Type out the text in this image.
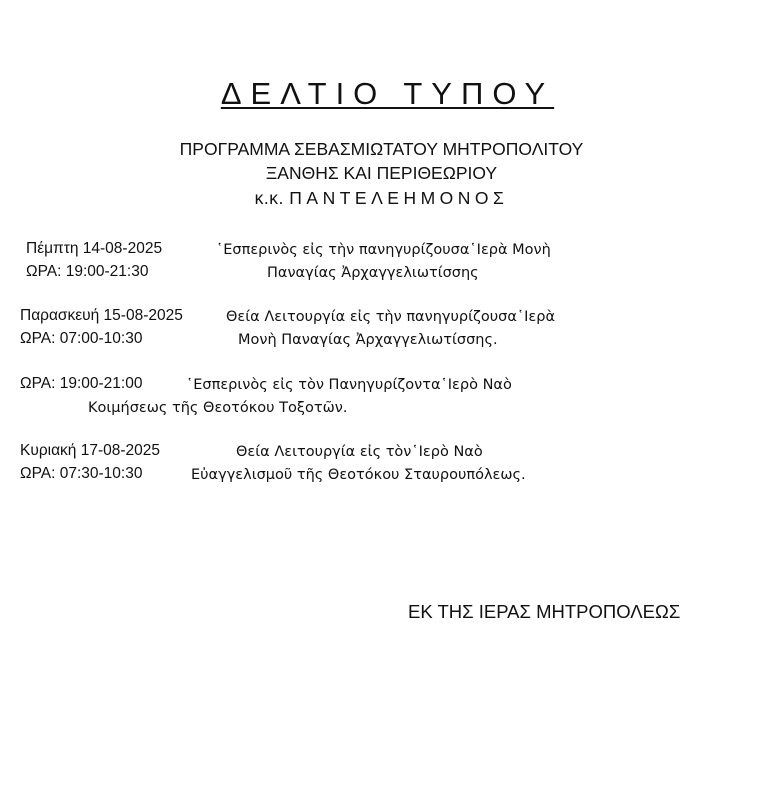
ΔΕΛΤΙΟ ΤΥΠΟΥ
ΠΡΟΓΡΑΜΜΑ ΣΕΒΑΣΜΙΩΤΑΤΟΥ ΜΗΤΡΟΠΟΛΙΤΟΥ
ΞΑΝΘΗΣ ΚΑΙ ΠΕΡΙΘΕΩΡΙΟΥ
κ.κ. ΠΑΝΤΕΛΕΗΜΟΝΟΣ
Πέμπτη 14-08-2025
ΩΡΑ: 19:00-21:30
῾Εσπερινὸς εἰς τὴν πανηγυρίζουσα῾Ιερὰ Μονὴ
Παναγίας Ἀρχαγγελιωτίσσης
Παρασκευή 15-08-2025
ΩΡΑ: 07:00-10:30
Θεία Λειτουργία εἰς τὴν πανηγυρίζουσα῾Ιερὰ
Μονὴ Παναγίας Ἀρχαγγελιωτίσσης.
ΩΡΑ: 19:00-21:00	῾Εσπερινὸς εἰς τὸν Πανηγυρίζοντα῾Ιερὸ Ναὸ
Κοιμήσεως τῆς Θεοτόκου Τοξοτῶν.
Κυριακή 17-08-2025
ΩΡΑ: 07:30-10:30
Θεία Λειτουργία εἰς τὸν῾Ιερὸ Ναὸ
Εὐαγγελισμοῦ τῆς Θεοτόκου Σταυρουπόλεως.
ΕΚ ΤΗΣ ΙΕΡΑΣ ΜΗΤΡΟΠΟΛΕΩΣ
